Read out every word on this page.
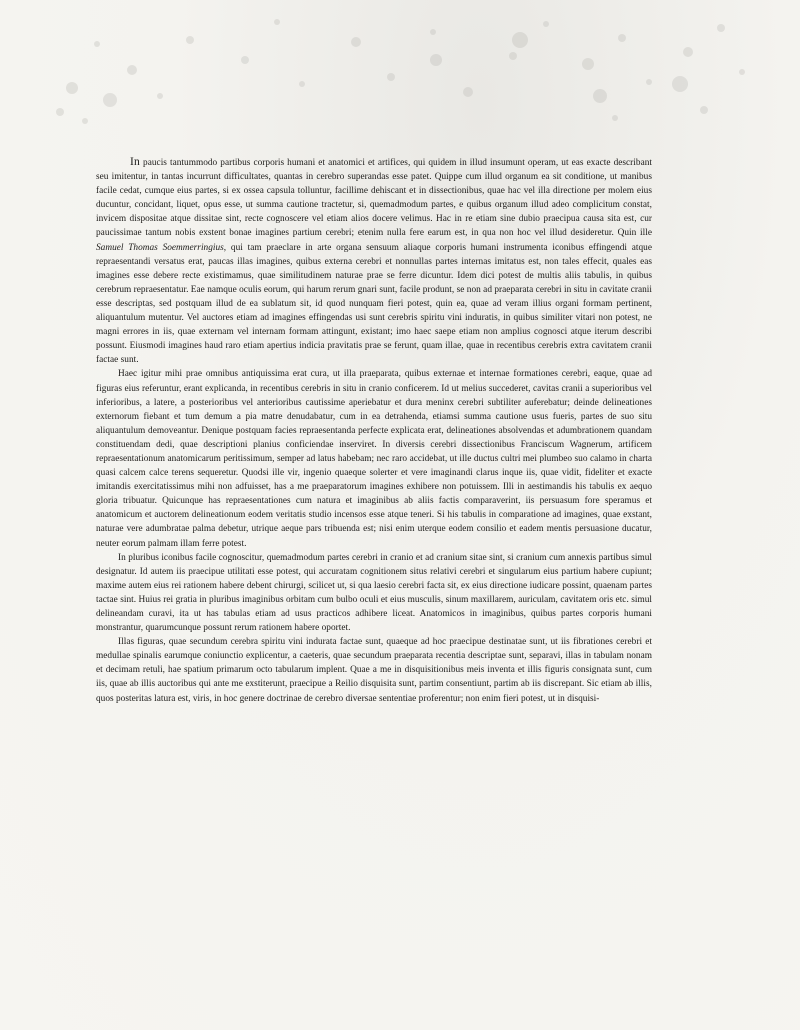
In paucis tantummodo partibus corporis humani et anatomici et artifices, qui quidem in illud insumunt operam, ut eas exacte describant seu imitentur, in tantas incurrunt difficultates, quantas in cerebro superandas esse patet. Quippe cum illud organum ea sit conditione, ut manibus facile cedat, cumque eius partes, si ex ossea capsula tolluntur, facillime dehiscant et in dissectionibus, quae hac vel illa directione per molem eius ducuntur, concidant, liquet, opus esse, ut summa cautione tractetur, si, quemadmodum partes, e quibus organum illud adeo complicitum constat, invicem dispositae atque dissitae sint, recte cognoscere vel etiam alios docere velimus. Hac in re etiam sine dubio praecipua causa sita est, cur paucissimae tantum nobis exstent bonae imagines partium cerebri; etenim nulla fere earum est, in qua non hoc vel illud desideretur. Quin ille Samuel Thomas Soemmerringius, qui tam praeclare in arte organa sensuum aliaque corporis humani instrumenta iconibus effingendi atque repraesentandi versatus erat, paucas illas imagines, quibus externa cerebri et nonnullas partes internas imitatus est, non tales effecit, quales eas imagines esse debere recte existimamus, quae similitudinem naturae prae se ferre dicuntur. Idem dici potest de multis aliis tabulis, in quibus cerebrum repraesentatur. Eae namque oculis eorum, qui harum rerum gnari sunt, facile produnt, se non ad praeparata cerebri in situ in cavitate cranii esse descriptas, sed postquam illud de ea sublatum sit, id quod nunquam fieri potest, quin ea, quae ad veram illius organi formam pertinent, aliquantulum mutentur. Vel auctores etiam ad imagines effingendas usi sunt cerebris spiritu vini induratis, in quibus similiter vitari non potest, ne magni errores in iis, quae externam vel internam formam attingunt, existant; imo haec saepe etiam non amplius cognosci atque iterum describi possunt. Eiusmodi imagines haud raro etiam apertius indicia pravitatis prae se ferunt, quam illae, quae in recentibus cerebris extra cavitatem cranii factae sunt.

Haec igitur mihi prae omnibus antiquissima erat cura, ut illa praeparata, quibus externae et internae formationes cerebri, eaque, quae ad figuras eius referuntur, erant explicanda, in recentibus cerebris in situ in cranio conficerem. Id ut melius succederet, cavitas cranii a superioribus vel inferioribus, a latere, a posterioribus vel anterioribus cautissime aperiebatur et dura meninx cerebri subtiliter auferebatur; deinde delineationes externorum fiebant et tum demum a pia matre denudabatur, cum in ea detrahenda, etiamsi summa cautione usus fueris, partes de suo situ aliquantulum demoveantur. Denique postquam facies repraesentanda perfecte explicata erat, delineationes absolvendas et adumbrationem quandam constituendam dedi, quae descriptioni planius conficiendae inserviret. In diversis cerebri dissectionibus Franciscum Wagnerum, artificem repraesentationum anatomicarum peritissimum, semper ad latus habebam; nec raro accidebat, ut ille ductus cultri mei plumbeo suo calamo in charta quasi calcem calce terens sequeretur. Quodsi ille vir, ingenio quaeque solerter et vere imaginandi clarus inque iis, quae vidit, fideliter et exacte imitandis exercitatissimus mihi non adfuisset, has a me praeparatorum imagines exhibere non potuissem. Illi in aestimandis his tabulis ex aequo gloria tribuatur. Quicunque has repraesentationes cum natura et imaginibus ab aliis factis comparaverint, iis persuasum fore speramus et anatomicum et auctorem delineationum eodem veritatis studio incensos esse atque teneri. Si his tabulis in comparatione ad imagines, quae exstant, naturae vere adumbratae palma debetur, utrique aeque pars tribuenda est; nisi enim uterque eodem consilio et eadem mentis persuasione ducatur, neuter eorum palmam illam ferre potest.

In pluribus iconibus facile cognoscitur, quemadmodum partes cerebri in cranio et ad cranium sitae sint, si cranium cum annexis partibus simul designatur. Id autem iis praecipue utilitati esse potest, qui accuratam cognitionem situs relativi cerebri et singularum eius partium habere cupiunt; maxime autem eius rei rationem habere debent chirurgi, scilicet ut, si qua laesio cerebri facta sit, ex eius directione iudicare possint, quaenam partes tactae sint. Huius rei gratia in pluribus imaginibus orbitam cum bulbo oculi et eius musculis, sinum maxillarem, auriculam, cavitatem oris etc. simul delineandam curavi, ita ut has tabulas etiam ad usus practicos adhibere liceat. Anatomicos in imaginibus, quibus partes corporis humani monstrantur, quarumcunque possunt rerum rationem habere oportet.

Illas figuras, quae secundum cerebra spiritu vini indurata factae sunt, quaeque ad hoc praecipue destinatae sunt, ut iis fibrationes cerebri et medullae spinalis earumque coniunctio explicentur, a caeteris, quae secundum praeparata recentia descriptae sunt, separavi, illas in tabulam nonam et decimam retuli, hae spatium primarum octo tabularum implent. Quae a me in disquisitionibus meis inventa et illis figuris consignata sunt, cum iis, quae ab illis auctoribus qui ante me exstiterunt, praecipue a Reilio disquisita sunt, partim consentiunt, partim ab iis discrepant. Sic etiam ab illis, quos posteritas latura est, viris, in hoc genere doctrinae de cerebro diversae sententiae proferentur; non enim fieri potest, ut in disquisi-
